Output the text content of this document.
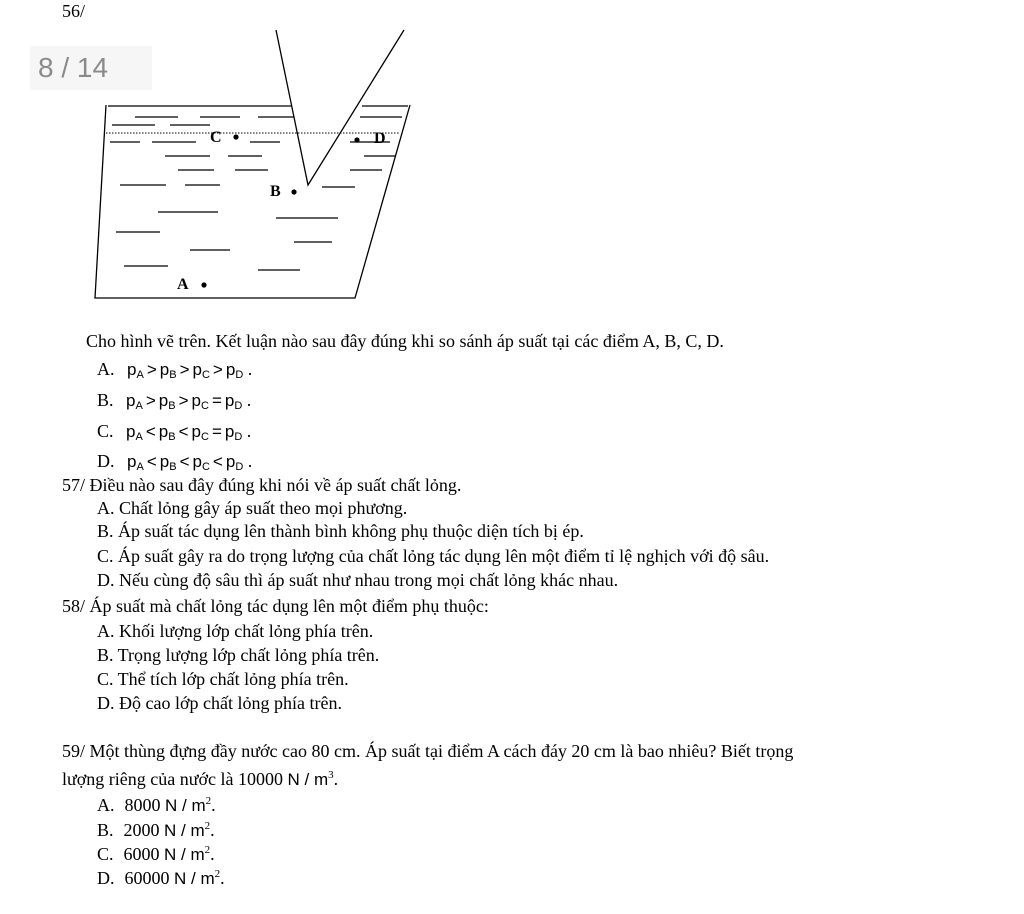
56/
C	D
B
A
8 / 14
Cho hình vẽ trên. Kết luận nào sau đây đúng khi so sánh áp suất tại các điểm A, B, C, D.
A. $p_A > p_B > p_C > p_D$ .
B. $p_A > p_B > p_C = p_D$ .
C. $p_A < p_B < p_C = p_D$ .
D. $p_A < p_B < p_C < p_D$ .
57/ Điều nào sau đây đúng khi nói về áp suất chất lỏng.
A. Chất lỏng gây áp suất theo mọi phương.
B. Áp suất tác dụng lên thành bình không phụ thuộc diện tích bị ép.
C. Áp suất gây ra do trọng lượng của chất lỏng tác dụng lên một điểm tỉ lệ nghịch với độ sâu.
D. Nếu cùng độ sâu thì áp suất như nhau trong mọi chất lỏng khác nhau.
58/ Áp suất mà chất lỏng tác dụng lên một điểm phụ thuộc:
A. Khối lượng lớp chất lỏng phía trên.
B. Trọng lượng lớp chất lỏng phía trên.
C. Thể tích lớp chất lỏng phía trên.
D. Độ cao lớp chất lỏng phía trên.
59/ Một thùng đựng đầy nước cao 80 cm. Áp suất tại điểm A cách đáy 20 cm là bao nhiêu? Biết trọng
lượng riêng của nước là 10000 N / $m^3$.
A. 8000 N / $m^2$.
B. 2000 N / $m^2$.
C. 6000 N / $m^2$.
D. 60000 N / $m^2$.
